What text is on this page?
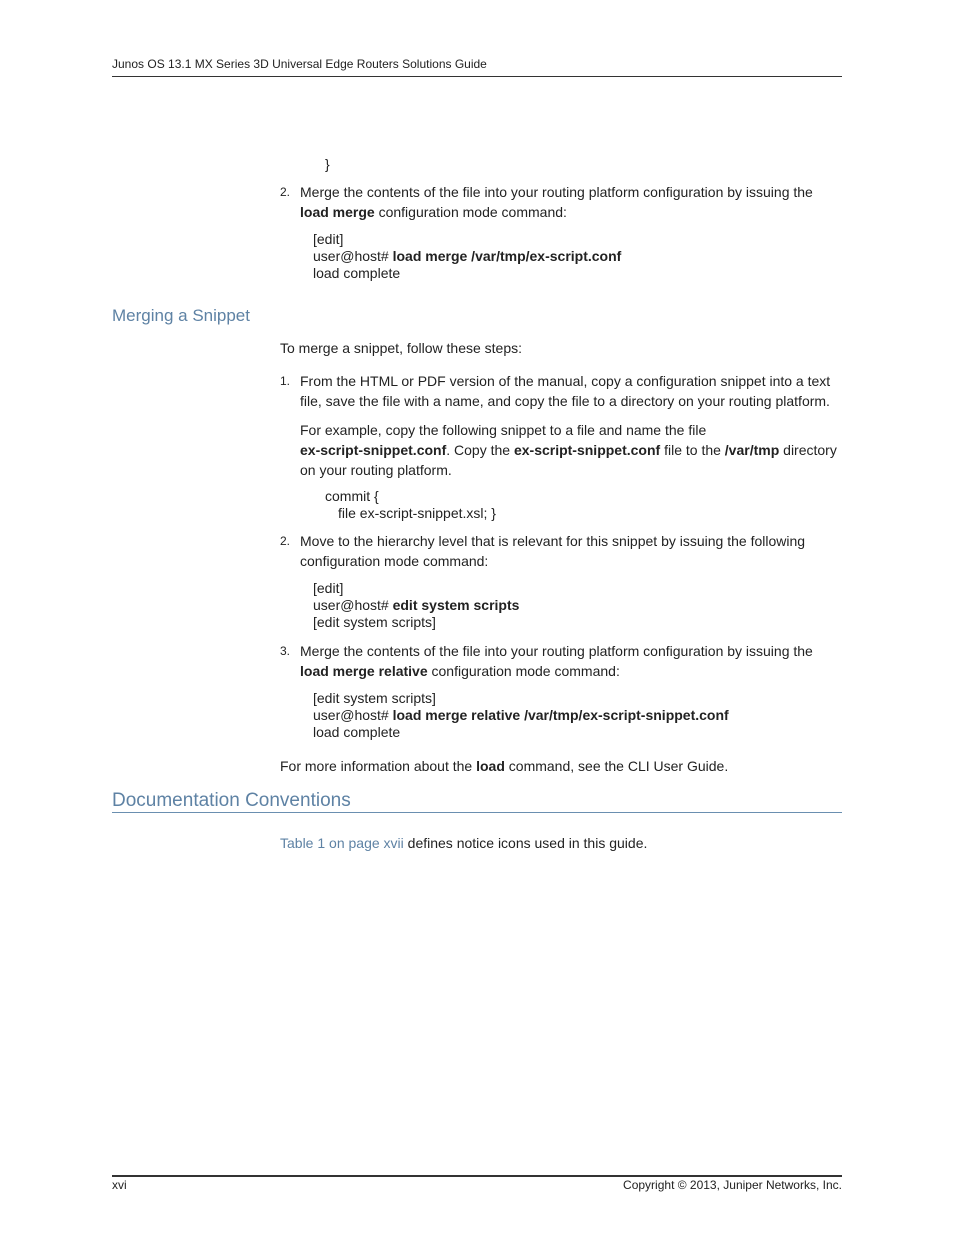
Junos OS 13.1 MX Series 3D Universal Edge Routers Solutions Guide
}
2. Merge the contents of the file into your routing platform configuration by issuing the
load merge configuration mode command:
[edit]
user@host# load merge /var/tmp/ex-script.conf
load complete
Merging a Snippet
To merge a snippet, follow these steps:
1. From the HTML or PDF version of the manual, copy a configuration snippet into a text
file, save the file with a name, and copy the file to a directory on your routing platform.
For example, copy the following snippet to a file and name the file
ex-script-snippet.conf. Copy the ex-script-snippet.conf file to the /var/tmp directory
on your routing platform.
commit {
file ex-script-snippet.xsl; }
2. Move to the hierarchy level that is relevant for this snippet by issuing the following
configuration mode command:
[edit]
user@host# edit system scripts
[edit system scripts]
3. Merge the contents of the file into your routing platform configuration by issuing the
load merge relative configuration mode command:
[edit system scripts]
user@host# load merge relative /var/tmp/ex-script-snippet.conf
load complete
For more information about the load command, see the CLI User Guide.
Documentation Conventions
Table 1 on page xvii defines notice icons used in this guide.
xvi	Copyright © 2013, Juniper Networks, Inc.
